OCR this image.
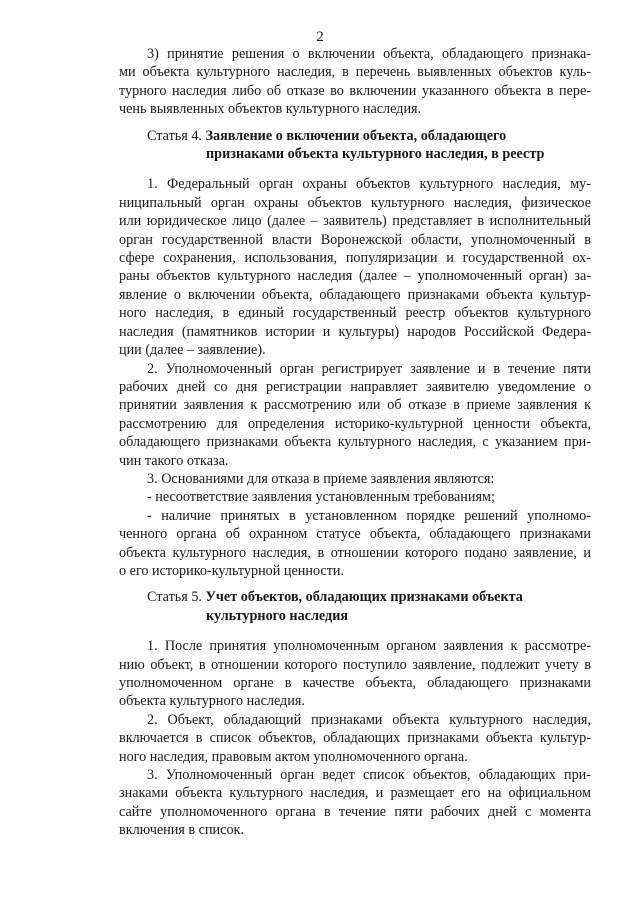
2
3) принятие решения о включении объекта, обладающего признака-
ми объекта культурного наследия, в перечень выявленных объектов куль-
турного наследия либо об отказе во включении указанного объекта в пере-
чень выявленных объектов культурного наследия.
Статья 4. Заявление о включении объекта, обладающего
признаками объекта культурного наследия, в реестр
1. Федеральный орган охраны объектов культурного наследия, му-
ниципальный орган охраны объектов культурного наследия, физическое
или юридическое лицо (далее – заявитель) представляет в исполнительный
орган государственной власти Воронежской области, уполномоченный в
сфере сохранения, использования, популяризации и государственной ох-
раны объектов культурного наследия (далее – уполномоченный орган) за-
явление о включении объекта, обладающего признаками объекта культур-
ного наследия, в единый государственный реестр объектов культурного
наследия (памятников истории и культуры) народов Российской Федера-
ции (далее – заявление).
2. Уполномоченный орган регистрирует заявление и в течение пяти
рабочих дней со дня регистрации направляет заявителю уведомление о
принятии заявления к рассмотрению или об отказе в приеме заявления к
рассмотрению для определения историко-культурной ценности объекта,
обладающего признаками объекта культурного наследия, с указанием при-
чин такого отказа.
3. Основаниями для отказа в приеме заявления являются:
- несоответствие заявления установленным требованиям;
- наличие принятых в установленном порядке решений уполномо-
ченного органа об охранном статусе объекта, обладающего признаками
объекта культурного наследия, в отношении которого подано заявление, и
о его историко-культурной ценности.
Статья 5. Учет объектов, обладающих признаками объекта
культурного наследия
1. После принятия уполномоченным органом заявления к рассмотре-
нию объект, в отношении которого поступило заявление, подлежит учету в
уполномоченном органе в качестве объекта, обладающего признаками
объекта культурного наследия.
2. Объект, обладающий признаками объекта культурного наследия,
включается в список объектов, обладающих признаками объекта культур-
ного наследия, правовым актом уполномоченного органа.
3. Уполномоченный орган ведет список объектов, обладающих при-
знаками объекта культурного наследия, и размещает его на официальном
сайте уполномоченного органа в течение пяти рабочих дней с момента
включения в список.
